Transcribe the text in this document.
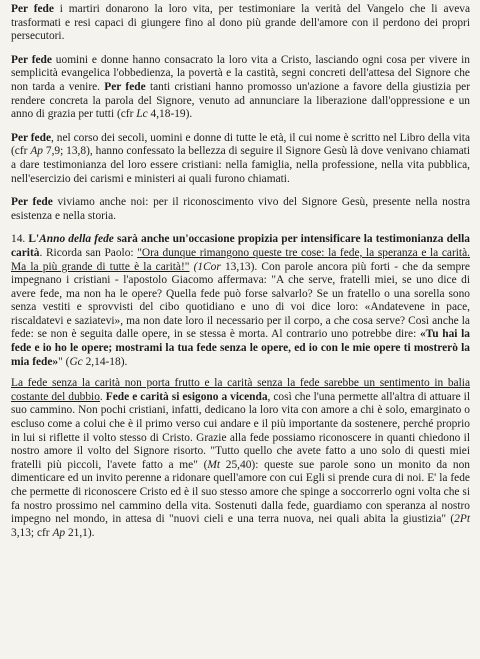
Per fede i martiri donarono la loro vita, per testimoniare la verità del Vangelo che li aveva trasformati e resi capaci di giungere fino al dono più grande dell'amore con il perdono dei propri persecutori.

Per fede uomini e donne hanno consacrato la loro vita a Cristo, lasciando ogni cosa per vivere in semplicità evangelica l'obbedienza, la povertà e la castità, segni concreti dell'attesa del Signore che non tarda a venire. Per fede tanti cristiani hanno promosso un'azione a favore della giustizia per rendere concreta la parola del Signore, venuto ad annunciare la liberazione dall'oppressione e un anno di grazia per tutti (cfr Lc 4,18-19).

Per fede, nel corso dei secoli, uomini e donne di tutte le età, il cui nome è scritto nel Libro della vita (cfr Ap 7,9; 13,8), hanno confessato la bellezza di seguire il Signore Gesù là dove venivano chiamati a dare testimonianza del loro essere cristiani: nella famiglia, nella professione, nella vita pubblica, nell'esercizio dei carismi e ministeri ai quali furono chiamati.

Per fede viviamo anche noi: per il riconoscimento vivo del Signore Gesù, presente nella nostra esistenza e nella storia.

14. L'Anno della fede sarà anche un'occasione propizia per intensificare la testimonianza della carità. Ricorda san Paolo: "Ora dunque rimangono queste tre cose: la fede, la speranza e la carità. Ma la più grande di tutte è la carità!" (1Cor 13,13). Con parole ancora più forti - che da sempre impegnano i cristiani - l'apostolo Giacomo affermava: "A che serve, fratelli miei, se uno dice di avere fede, ma non ha le opere? Quella fede può forse salvarlo? Se un fratello o una sorella sono senza vestiti e sprovvisti del cibo quotidiano e uno di voi dice loro: «Andatevene in pace, riscaldatevi e saziatevi», ma non date loro il necessario per il corpo, a che cosa serve? Così anche la fede: se non è seguita dalle opere, in se stessa è morta. Al contrario uno potrebbe dire: «Tu hai la fede e io ho le opere; mostrami la tua fede senza le opere, ed io con le mie opere ti mostrerò la mia fede»" (Gc 2,14-18).

La fede senza la carità non porta frutto e la carità senza la fede sarebbe un sentimento in balia costante del dubbio. Fede e carità si esigono a vicenda, così che l'una permette all'altra di attuare il suo cammino. Non pochi cristiani, infatti, dedicano la loro vita con amore a chi è solo, emarginato o escluso come a colui che è il primo verso cui andare e il più importante da sostenere, perché proprio in lui si riflette il volto stesso di Cristo. Grazie alla fede possiamo riconoscere in quanti chiedono il nostro amore il volto del Signore risorto. "Tutto quello che avete fatto a uno solo di questi miei fratelli più piccoli, l'avete fatto a me" (Mt 25,40): queste sue parole sono un monito da non dimenticare ed un invito perenne a ridonare quell'amore con cui Egli si prende cura di noi. E' la fede che permette di riconoscere Cristo ed è il suo stesso amore che spinge a soccorrerlo ogni volta che si fa nostro prossimo nel cammino della vita. Sostenuti dalla fede, guardiamo con speranza al nostro impegno nel mondo, in attesa di "nuovi cieli e una terra nuova, nei quali abita la giustizia" (2Pt 3,13; cfr Ap 21,1).
